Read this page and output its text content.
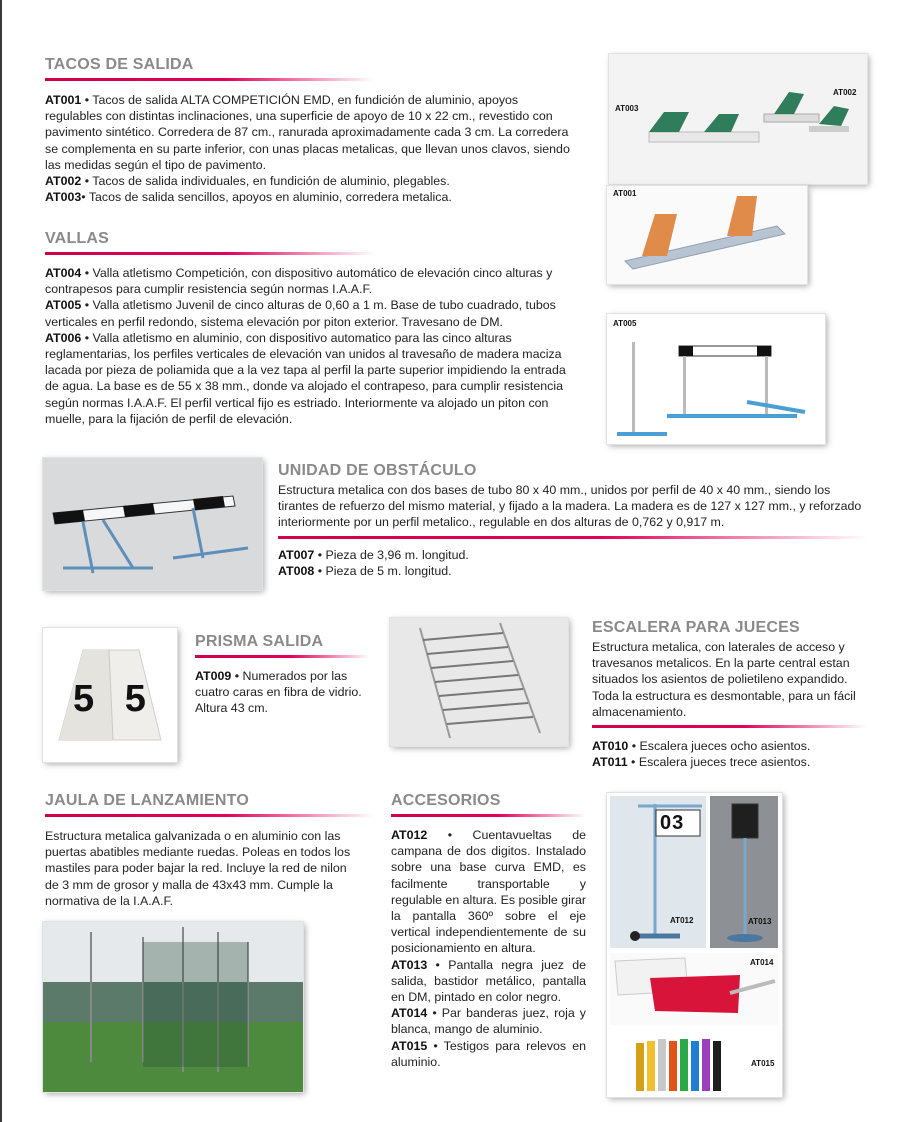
TACOS DE SALIDA
AT001 • Tacos de salida ALTA COMPETICIÓN EMD, en fundición de aluminio, apoyos regulables con distintas inclinaciones, una superficie de apoyo de 10 x 22 cm., revestido con pavimento sintético. Corredera de 87 cm., ranurada aproximadamente cada 3 cm. La corredera se complementa en su parte inferior, con unas placas metalicas, que llevan unos clavos, siendo las medidas según el tipo de pavimento.
AT002 • Tacos de salida individuales, en fundición de aluminio, plegables.
AT003• Tacos de salida sencillos, apoyos en aluminio, corredera metalica.
AT003
AT002
AT001
VALLAS
AT004 • Valla atletismo Competición, con dispositivo automático de elevación cinco alturas y contrapesos para cumplir resistencia según normas I.A.A.F.
AT005 • Valla atletismo Juvenil de cinco alturas de 0,60 a 1 m. Base de tubo cuadrado, tubos verticales en perfil redondo, sistema elevación por piton exterior. Travesano de DM.
AT006 • Valla atletismo en aluminio, con dispositivo automatico para las cinco alturas reglamentarias, los perfiles verticales de elevación van unidos al travesaño de madera maciza lacada por pieza de poliamida que a la vez tapa al perfil la parte superior impidiendo la entrada de agua. La base es de 55 x 38 mm., donde va alojado el contrapeso, para cumplir resistencia según normas I.A.A.F. El perfil vertical fijo es estriado. Interiormente va alojado un piton con muelle, para la fijación de perfil de elevación.
AT005
UNIDAD DE OBSTÁCULO
Estructura metalica con dos bases de tubo 80 x 40 mm., unidos por perfil de 40 x 40 mm., siendo los tirantes de refuerzo del mismo material, y fijado a la madera. La madera es de 127 x 127 mm., y reforzado interiormente por un perfil metalico., regulable en dos alturas de 0,762 y 0,917 m.
AT007 • Pieza de 3,96 m. longitud.
AT008 • Pieza de 5 m. longitud.
5 5
PRISMA SALIDA
AT009 • Numerados por las cuatro caras en fibra de vidrio. Altura 43 cm.
ESCALERA PARA JUECES
Estructura metalica, con laterales de acceso y travesanos metalicos. En la parte central estan situados los asientos de polietileno expandido. Toda la estructura es desmontable, para un fácil almacenamiento.
AT010 • Escalera jueces ocho asientos.
AT011 • Escalera jueces trece asientos.
JAULA DE LANZAMIENTO
Estructura metalica galvanizada o en aluminio con las puertas abatibles mediante ruedas. Poleas en todos los mastiles para poder bajar la red. Incluye la red de nilon de 3 mm de grosor y malla de 43x43 mm. Cumple la normativa de la I.A.A.F.
ACCESORIOS
AT012 • Cuentavueltas de campana de dos digitos. Instalado sobre una base curva EMD, es facilmente transportable y regulable en altura. Es posible girar la pantalla 360º sobre el eje vertical independientemente de su posicionamiento en altura.
AT013 • Pantalla negra juez de salida, bastidor metálico, pantalla en DM, pintado en color negro.
AT014 • Par banderas juez, roja y blanca, mango de aluminio.
AT015 • Testigos para relevos en aluminio.
03
AT012	AT013
AT014
AT015
